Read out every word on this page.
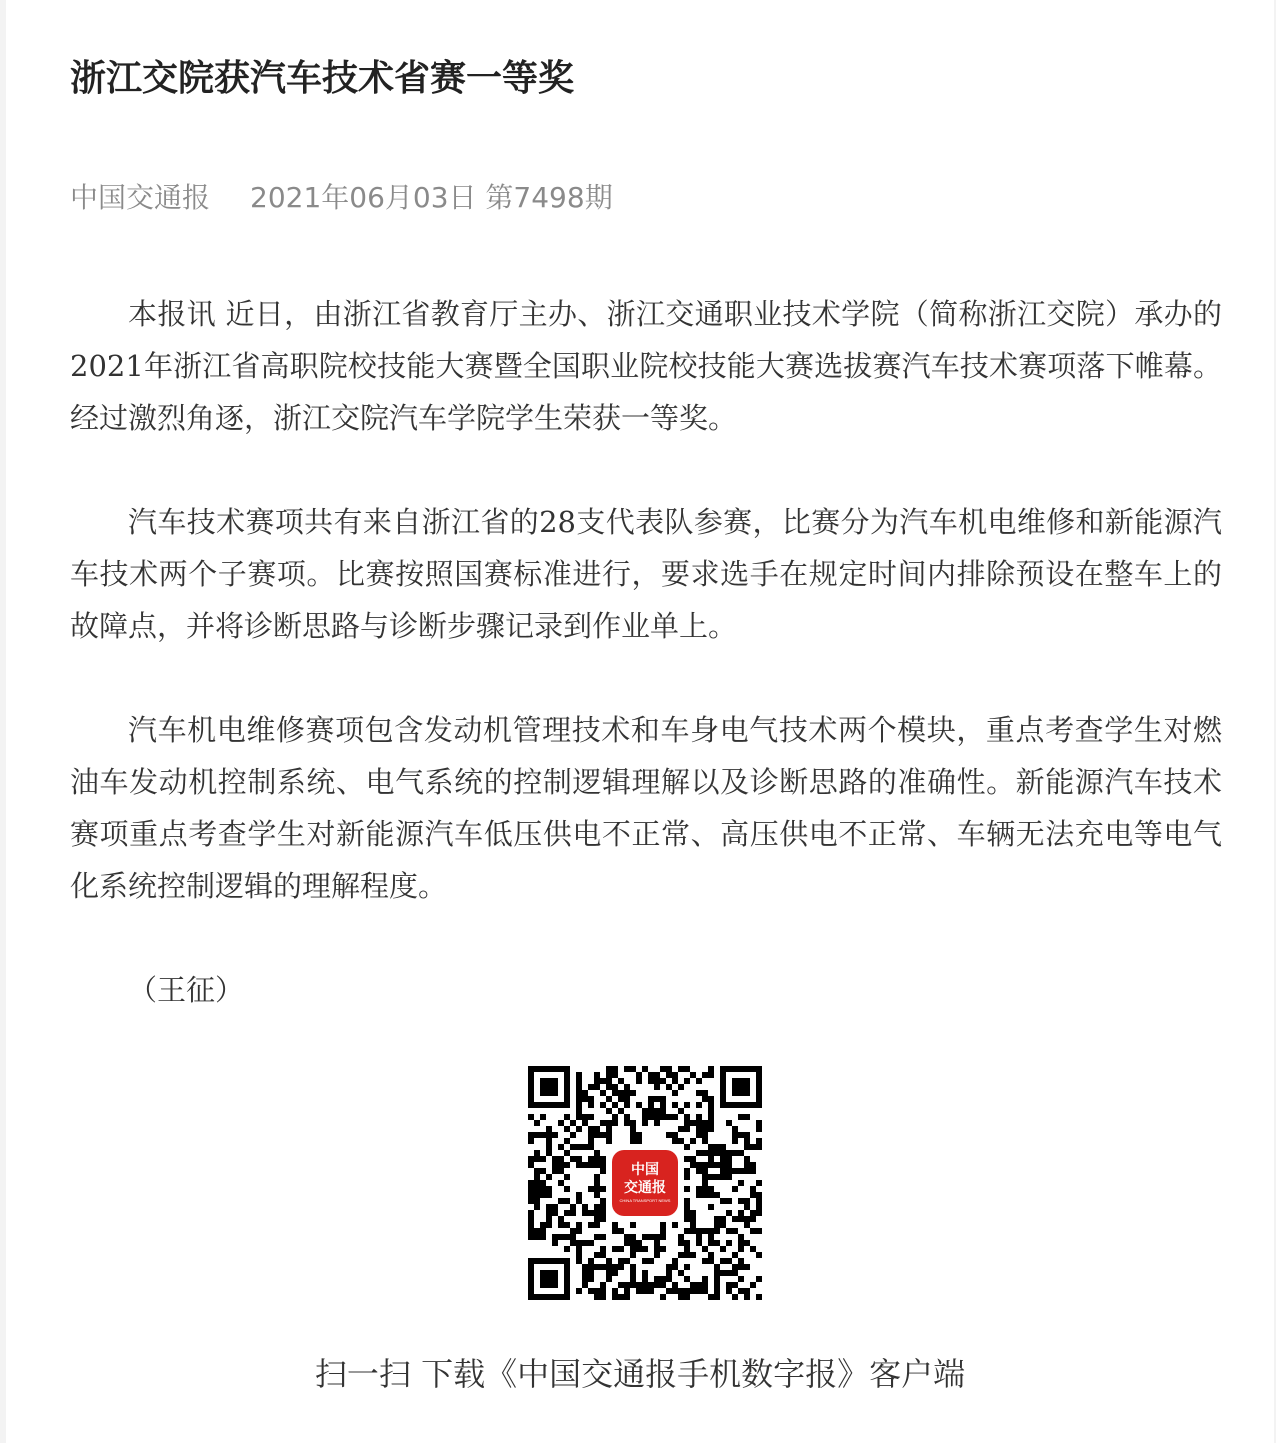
浙江交院获汽车技术省赛一等奖
中国交通报 2021年06月03日 第7498期

本报讯 近日，由浙江省教育厅主办、浙江交通职业技术学院（简称浙江交院）承办的2021年浙江省高职院校技能大赛暨全国职业院校技能大赛选拔赛汽车技术赛项落下帷幕。经过激烈角逐，浙江交院汽车学院学生荣获一等奖。

汽车技术赛项共有来自浙江省的28支代表队参赛，比赛分为汽车机电维修和新能源汽车技术两个子赛项。比赛按照国赛标准进行，要求选手在规定时间内排除预设在整车上的故障点，并将诊断思路与诊断步骤记录到作业单上。

汽车机电维修赛项包含发动机管理技术和车身电气技术两个模块，重点考查学生对燃油车发动机控制系统、电气系统的控制逻辑理解以及诊断思路的准确性。新能源汽车技术赛项重点考查学生对新能源汽车低压供电不正常、高压供电不正常、车辆无法充电等电气化系统控制逻辑的理解程度。

（王征）

中国
交通报
CHINA TRANSPORT NEWS
扫一扫 下载《中国交通报手机数字报》客户端
